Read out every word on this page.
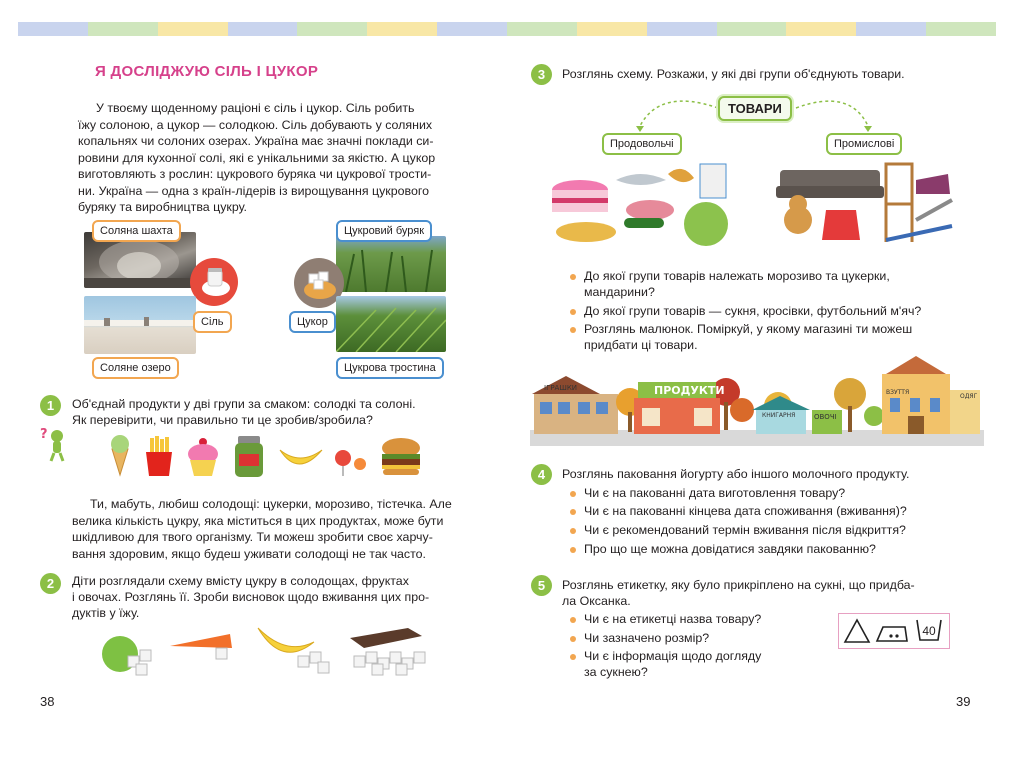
Я ДОСЛІДЖУЮ СІЛЬ І ЦУКОР
У твоєму щоденному раціоні є сіль і цукор. Сіль робить
їжу солоною, а цукор — солодкою. Сіль добувають у соляних
копальнях чи солоних озерах. Україна має значні поклади си-
ровини для кухонної солі, які є унікальними за якістю. А цукор
виготовляють з рослин: цукрового буряка чи цукрової трости-
ни. Україна — одна з країн-лідерів із вирощування цукрового
буряку та виробництва цукру.
Соляна шахта
Сіль
Соляне озеро
Цукровий буряк
Цукор
Цукрова тростина
1	Об'єднай продукти у дві групи за смаком: солодкі та солоні.
Як перевірити, чи правильно ти це зробив/зробила?
?
Ти, мабуть, любиш солодощі: цукерки, морозиво, тістечка. Але
велика кількість цукру, яка міститься в цих продуктах, може бути
шкідливою для твого організму. Ти можеш зробити своє харчу-
вання здоровим, якщо будеш уживати солодощі не так часто.
2	Діти розглядали схему вмісту цукру в солодощах, фруктах
і овочах. Розглянь її. Зроби висновок щодо вживання цих про-
дуктів у їжу.
38
3	Розглянь схему. Розкажи, у які дві групи об'єднують товари.
ТОВАРИ
Продовольчі	Промислові
До якої групи товарів належать морозиво та цукерки,
мандарини?
До якої групи товарів — сукня, кросівки, футбольний м'яч?
Розглянь малюнок. Поміркуй, у якому магазині ти можеш
придбати ці товари.
ІГРАШКИ	ПРОДУКТИ
КНИГАРНЯ	ОВОЧІ
ВЗУТТЯ
ОДЯГ
4	Розглянь паковання йогурту або іншого молочного продукту.
Чи є на пакованні дата виготовлення товару?
Чи є на пакованні кінцева дата споживання (вживання)?
Чи є рекомендований термін вживання після відкриття?
Про що ще можна довідатися завдяки пакованню?
5	Розглянь етикетку, яку було прикріплено на сукні, що придба-
ла Оксанка.
Чи є на етикетці назва товару?
Чи зазначено розмір?
Чи є інформація щодо догляду
за сукнею?
40
39
